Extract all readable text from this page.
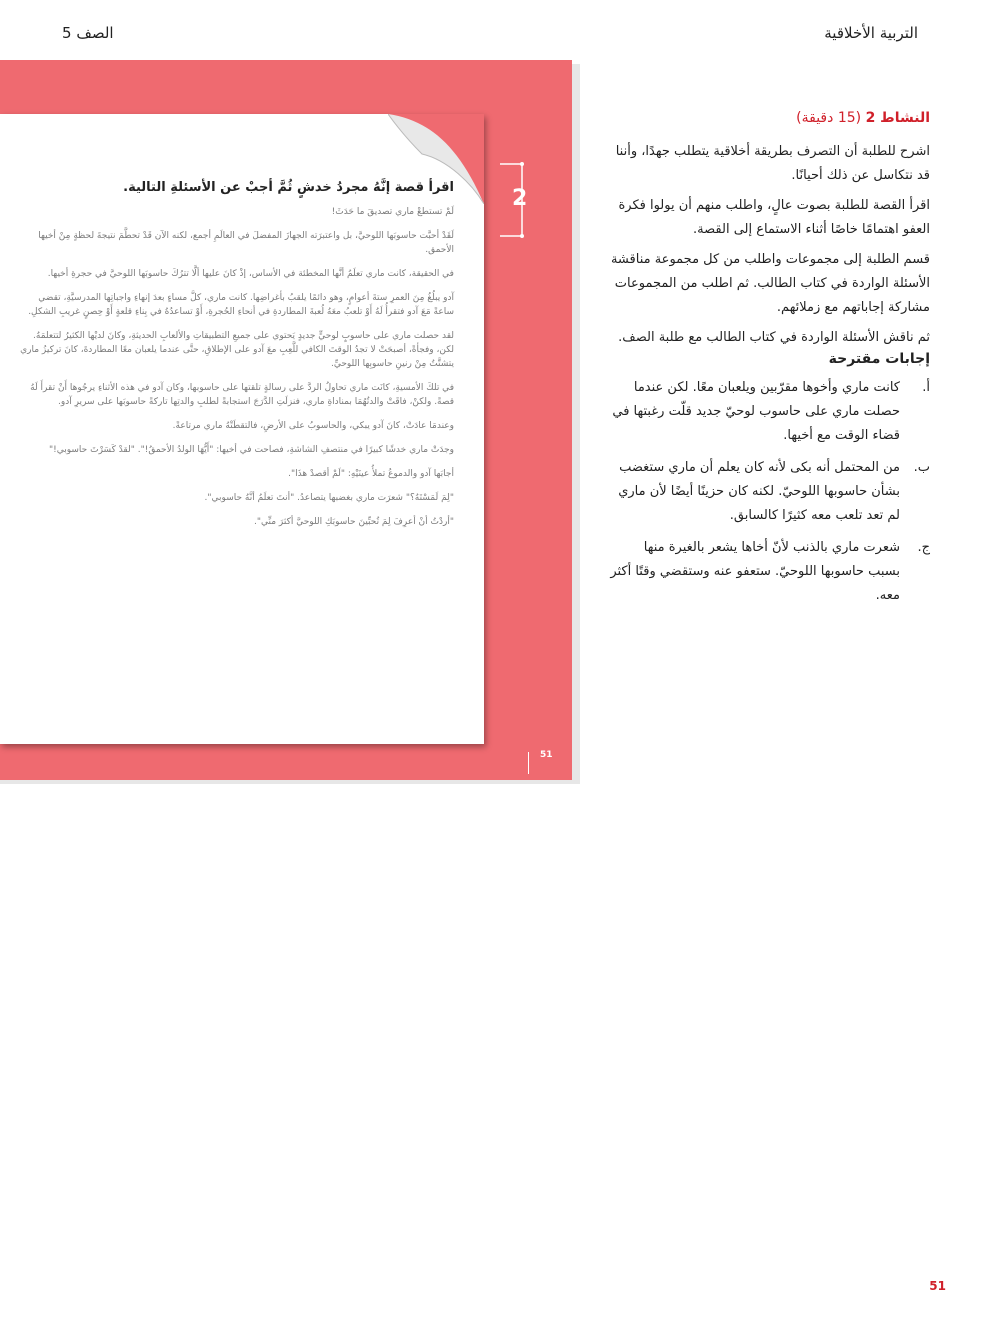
التربية الأخلاقية
الصف 5
2
51
اقرأ قصة إنَّهُ مجردُ خدشٍ ثُمَّ أجبْ عن الأسئلةِ التالية.

لَمْ تستطعْ ماري تصديقَ ما حَدَثَ!

لَقَدْ أحبَّت حاسوبَها اللوحيَّ، بل واعتبرَته الجهازَ المفضلَ في العالَمِ أجمع، لكنه الآن قَدْ تحطَّمَ نتيجةَ لحظةٍ مِنْ أخيها الأحمق.

في الحقيقة، كانت ماري تعلَمُ أنَّها المخطئة في الأساس، إذْ كانَ عليها ألَّا تترُكَ حاسوبَها اللوحيَّ في حجرةِ أخيها.

آدو يبلُغُ مِنَ العمرِ ستةَ أعوامٍ، وهو دائمًا يلقبُ بأغراضِها. كانت ماري، كلَّ مساءٍ بعدَ إنهاءِ واجباتِها المدرسيَّةِ، تقضي ساعةً مَعَ آدو فتقرأُ لَهُ أَوْ تلعبُ معَهُ لُعبةَ المطاردةِ في أنحاءِ الحُجرةِ، أَوْ تساعدُهُ في بِناءِ قلعةٍ أَوْ حِصنٍ غريبِ الشكلِ.

لقد حصلت ماري على حاسوبٍ لوحيٍّ جديدٍ يَحتوي على جميعِ التطبيقاتِ والألعابِ الحديثةِ، وكانَ لديْها الكثيرُ لتتعلمَهُ. لكن، وفجأةً، أصبحَتْ لا تجدُ الوقتَ الكافي للَّعِبِ معَ آدو على الإطلاقِ، حتَّى عندما يلعبان معًا المطاردةَ، كانَ تركيزُ ماري يتشتَّتُ مِنْ رنينِ حاسوبِها اللوحيِّ.

في تلكَ الأمسيةِ، كانَت ماري تحاولُ الردَّ على رسالةٍ تلقتها على حاسوبها، وكان آدو في هذه الأثناءِ يرجُوها أَنْ تقرأَ لَهُ قصةً. ولكنْ، فاقَتْ والدتُهُمَا بمناداةِ ماري، فنزلَتِ الدَّرَجَ استجابةً لطلبِ والدتِها تاركةً حاسوبَها على سريرِ آدو.

وعندمَا عادَتْ، كانَ آدو يبكي، والحاسوبُ على الأرضِ، فالتقطَتْهُ ماري مرتاعةً.

وجدَتْ ماري خدشًا كبيرًا في منتصفِ الشاشةِ، فصاحت في أخيها: "أَيُّهَا الولدُ الأحمقُ!". "لقدْ كَسَرْتَ حاسوبي!"

أجابَها آدو والدموعُ تملأُ عينَيْهِ: "لَمْ أقصدْ هذَا".

"لِمَ لَمَسْتَهُ؟" شعرَت ماري بغضبها يتصاعدُ. "أنتَ تعلَمُ أنَّهُ حاسوبي".

"أردْتُ أنْ أعرِفَ لِمَ تُحبِّينَ حاسوبَكِ اللوحيَّ أكثرَ منِّي".

النشاط 2 (15 دقيقة)

اشرح للطلبة أن التصرف بطريقة أخلاقية يتطلب جهدًا، وأننا قد نتكاسل عن ذلك أحيانًا.

اقرأ القصة للطلبة بصوت عالٍ، واطلب منهم أن يولوا فكرة العفو اهتمامًا خاصًا أثناء الاستماع إلى القصة.

قسم الطلبة إلى مجموعات واطلب من كل مجموعة مناقشة الأسئلة الواردة في كتاب الطالب. ثم اطلب من المجموعات مشاركة إجاباتهم مع زملائهم.

ثم ناقش الأسئلة الواردة في كتاب الطالب مع طلبة الصف.

إجابات مقترحة
أ.
كانت ماري وأخوها مقرّبين ويلعبان معًا. لكن عندما حصلت ماري على حاسوب لوحيّ جديد قلّت رغبتها في قضاء الوقت مع أخيها.
ب.
من المحتمل أنه بكى لأنه كان يعلم أن ماري ستغضب بشأن حاسوبها اللوحيّ. لكنه كان حزينًا أيضًا لأن ماري لم تعد تلعب معه كثيرًا كالسابق.
ج.
شعرت ماري بالذنب لأنّ أخاها يشعر بالغيرة منها بسبب حاسوبها اللوحيّ. ستعفو عنه وستقضي وقتًا أكثر معه.
51
